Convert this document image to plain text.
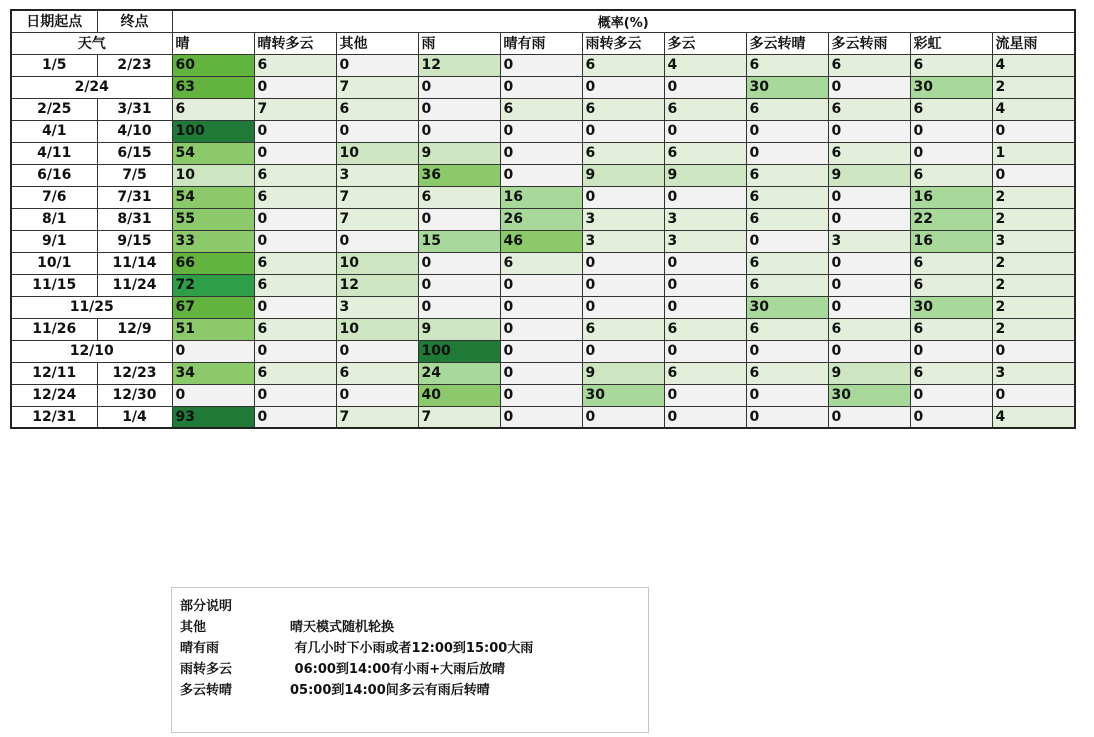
日期起点	终点	概率(%)										
天气		晴	晴转多云	其他	雨	晴有雨	雨转多云	多云	多云转晴	多云转雨	彩虹	流星雨
1/5	2/23	60	6	0	12	0	6	4	6	6	6	4
2/24		63	0	7	0	0	0	0	30	0	30	2
2/25	3/31	6	7	6	0	6	6	6	6	6	6	4
4/1	4/10	100	0	0	0	0	0	0	0	0	0	0
4/11	6/15	54	0	10	9	0	6	6	0	6	0	1
6/16	7/5	10	6	3	36	0	9	9	6	9	6	0
7/6	7/31	54	6	7	6	16	0	0	6	0	16	2
8/1	8/31	55	0	7	0	26	3	3	6	0	22	2
9/1	9/15	33	0	0	15	46	3	3	0	3	16	3
10/1	11/14	66	6	10	0	6	0	0	6	0	6	2
11/15	11/24	72	6	12	0	0	0	0	6	0	6	2
11/25		67	0	3	0	0	0	0	30	0	30	2
11/26	12/9	51	6	10	9	0	6	6	6	6	6	2
12/10		0	0	0	100	0	0	0	0	0	0	0
12/11	12/23	34	6	6	24	0	9	6	6	9	6	3
12/24	12/30	0	0	0	40	0	30	0	0	30	0	0
12/31	1/4	93	0	7	7	0	0	0	0	0	0	4
部分说明
其他	晴天模式随机轮换
晴有雨	有几小时下小雨或者12:00到15:00大雨
雨转多云	06:00到14:00有小雨+大雨后放晴
多云转晴	05:00到14:00间多云有雨后转晴
